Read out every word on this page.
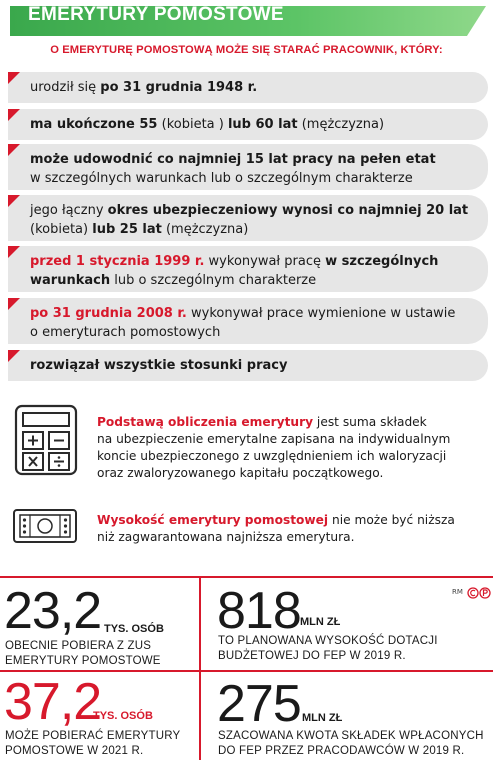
EMERYTURY POMOSTOWE
O EMERYTURĘ POMOSTOWĄ MOŻE SIĘ STARAĆ PRACOWNIK, KTÓRY:
urodził się po 31 grudnia 1948 r.
ma ukończone 55 (kobieta ) lub 60 lat (mężczyzna)
może udowodnić co najmniej 15 lat pracy na pełen etat
w szczególnych warunkach lub o szczególnym charakterze
jego łączny okres ubezpieczeniowy wynosi co najmniej 20 lat
(kobieta) lub 25 lat (mężczyzna)
przed 1 stycznia 1999 r. wykonywał pracę w szczególnych
warunkach lub o szczególnym charakterze
po 31 grudnia 2008 r. wykonywał prace wymienione w ustawie
o emeryturach pomostowych
rozwiązał wszystkie stosunki pracy
Podstawą obliczenia emerytury jest suma składek
na ubezpieczenie emerytalne zapisana na indywidualnym
koncie ubezpieczonego z uwzględnieniem ich waloryzacji
oraz zwaloryzowanego kapitału początkowego.
Wysokość emerytury pomostowej nie może być niższa
niż zagwarantowana najniższa emerytura.
RM
23,2 TYS. OSÓB
OBECNIE POBIERA Z ZUS
EMERYTURY POMOSTOWE
37,2
TYS. OSÓB
MOŻE POBIERAĆ EMERYTURY
POMOSTOWE W 2021 R.
818 MLN ZŁ
TO PLANOWANA WYSOKOŚĆ DOTACJI
BUDŻETOWEJ DO FEP W 2019 R.
275 MLN ZŁ
SZACOWANA KWOTA SKŁADEK WPŁACONYCH
DO FEP PRZEZ PRACODAWCÓW W 2019 R.
